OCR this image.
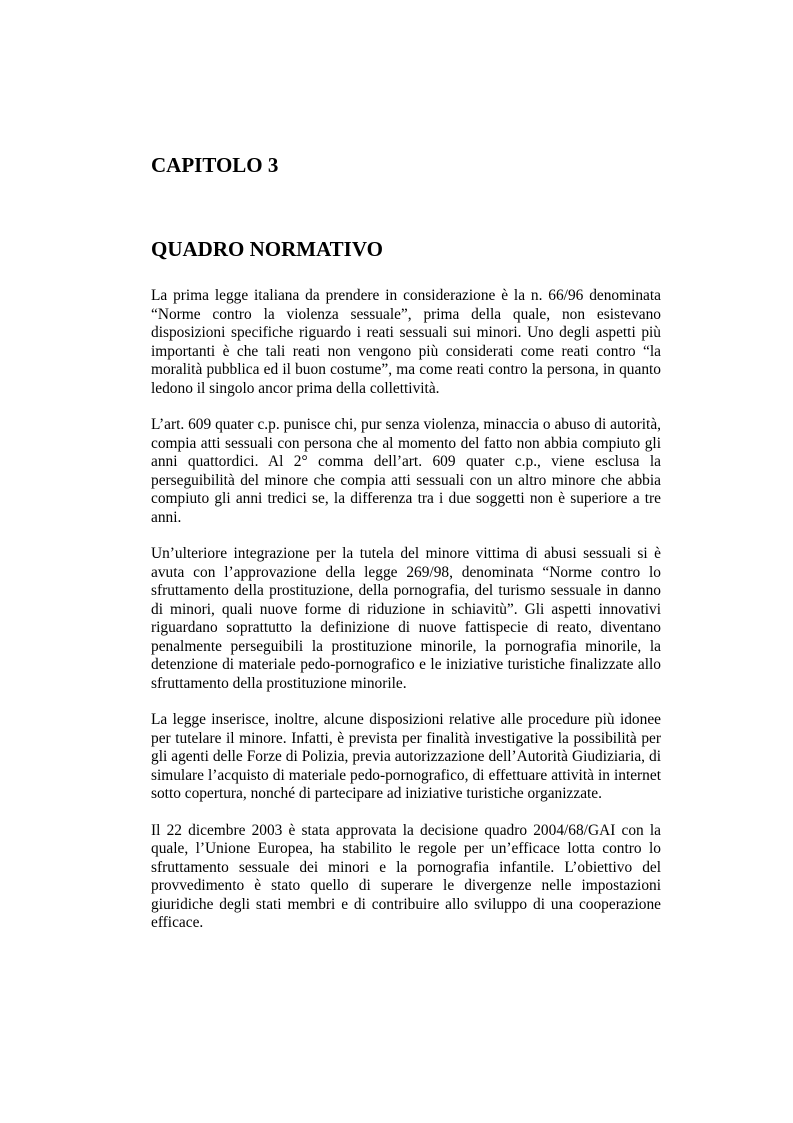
CAPITOLO 3
QUADRO NORMATIVO

La prima legge italiana da prendere in considerazione è la n. 66/96 denominata “Norme contro la violenza sessuale”, prima della quale, non esistevano disposizioni specifiche riguardo i reati sessuali sui minori. Uno degli aspetti più importanti è che tali reati non vengono più considerati come reati contro “la moralità pubblica ed il buon costume”, ma come reati contro la persona, in quanto ledono il singolo ancor prima della collettività.

L’art. 609 quater c.p. punisce chi, pur senza violenza, minaccia o abuso di autorità, compia atti sessuali con persona che al momento del fatto non abbia compiuto gli anni quattordici. Al 2° comma dell’art. 609 quater c.p., viene esclusa la perseguibilità del minore che compia atti sessuali con un altro minore che abbia compiuto gli anni tredici se, la differenza tra i due soggetti non è superiore a tre anni.

Un’ulteriore integrazione per la tutela del minore vittima di abusi sessuali si è avuta con l’approvazione della legge 269/98, denominata “Norme contro lo sfruttamento della prostituzione, della pornografia, del turismo sessuale in danno di minori, quali nuove forme di riduzione in schiavitù”. Gli aspetti innovativi riguardano soprattutto la definizione di nuove fattispecie di reato, diventano penalmente perseguibili la prostituzione minorile, la pornografia minorile, la detenzione di materiale pedo-pornografico e le iniziative turistiche finalizzate allo sfruttamento della prostituzione minorile.

La legge inserisce, inoltre, alcune disposizioni relative alle procedure più idonee per tutelare il minore. Infatti, è prevista per finalità investigative la possibilità per gli agenti delle Forze di Polizia, previa autorizzazione dell’Autorità Giudiziaria, di simulare l’acquisto di materiale pedo-pornografico, di effettuare attività in internet sotto copertura, nonché di partecipare ad iniziative turistiche organizzate.

Il 22 dicembre 2003 è stata approvata la decisione quadro 2004/68/GAI con la quale, l’Unione Europea, ha stabilito le regole per un’efficace lotta contro lo sfruttamento sessuale dei minori e la pornografia infantile. L’obiettivo del provvedimento è stato quello di superare le divergenze nelle impostazioni giuridiche degli stati membri e di contribuire allo sviluppo di una cooperazione efficace.
